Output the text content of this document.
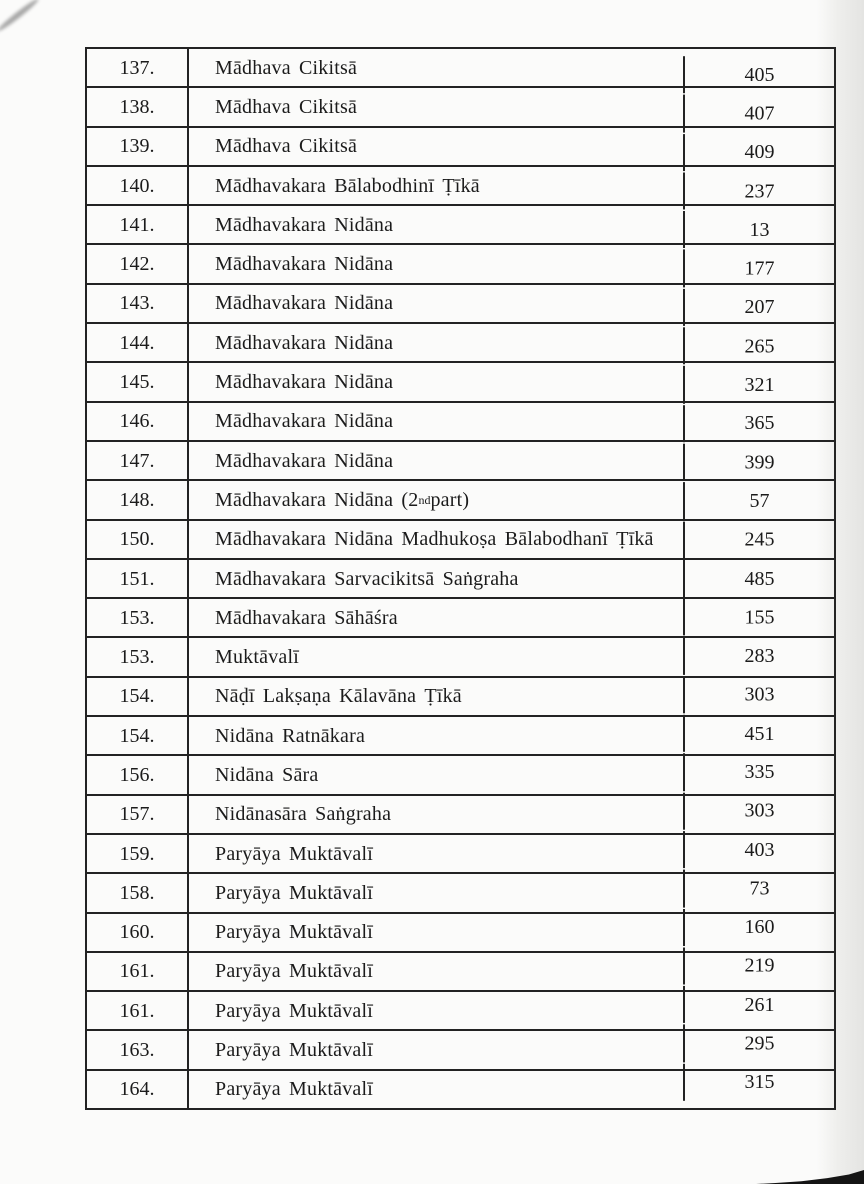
137.	Mādhava Cikitsā	405
138.	Mādhava Cikitsā	407
139.	Mādhava Cikitsā	409
140.	Mādhavakara Bālabodhinī Ṭīkā	237
141.	Mādhavakara Nidāna	13
142.	Mādhavakara Nidāna	177
143.	Mādhavakara Nidāna	207
144.	Mādhavakara Nidāna	265
145.	Mādhavakara Nidāna	321
146.	Mādhavakara Nidāna	365
147.	Mādhavakara Nidāna	399
148.	Mādhavakara Nidāna (2 nd part)	57
150.	Mādhavakara Nidāna Madhukoṣa Bālabodhanī Ṭīkā	245
151.	Mādhavakara Sarvacikitsā Saṅgraha	485
153.	Mādhavakara Sāhāśra	155
153.	Muktāvalī	283
154.	Nāḍī Lakṣaṇa Kālavāna Ṭīkā	303
154.	Nidāna Ratnākara	451
156.	Nidāna Sāra	335
157.	Nidānasāra Saṅgraha	303
159.	Paryāya Muktāvalī	403
158.	Paryāya Muktāvalī	73
160.	Paryāya Muktāvalī	160
161.	Paryāya Muktāvalī	219
161.	Paryāya Muktāvalī	261
163.	Paryāya Muktāvalī	295
164.	Paryāya Muktāvalī	315
